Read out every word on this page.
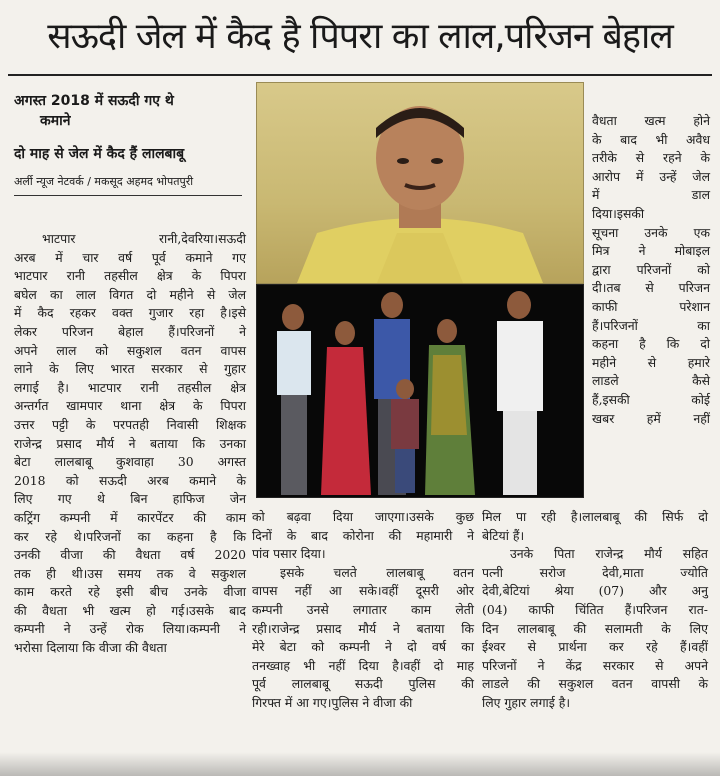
सऊदी जेल में कैद है पिपरा का लाल,परिजन बेहाल
अगस्त 2018 में सऊदी गए थे
कमाने
दो माह से जेल में कैद हैं लालबाबू
अर्ली न्यूज नेटवर्क / मकसूद अहमद भोपतपुरी

भाटपार रानी,देवरिया।सऊदी

अरब में चार वर्ष पूर्व कमाने गए

भाटपार रानी तहसील क्षेत्र के पिपरा

बघेल का लाल विगत दो महीने से जेल

में कैद रहकर वक्त गुजार रहा है।इसे

लेकर परिजन बेहाल हैं।परिजनों ने

अपने लाल को सकुशल वतन वापस

लाने के लिए भारत सरकार से गुहार

लगाई है। भाटपार रानी तहसील क्षेत्र

अन्तर्गत खामपार थाना क्षेत्र के पिपरा

उत्तर पट्टी के परपतही निवासी शिक्षक

राजेन्द्र प्रसाद मौर्य ने बताया कि उनका

बेटा लालबाबू कुशवाहा 30 अगस्त

2018 को सऊदी अरब कमाने के

लिए गए थे बिन हाफिज जेन

कट्रिंग कम्पनी में कारपेंटर की काम

कर रहे थे।परिजनों का कहना है कि

उनकी वीजा की वैधता वर्ष 2020

तक ही थी।उस समय तक वे सकुशल

काम करते रहे इसी बीच उनके वीजा

की वैधता भी खत्म हो गई।उसके बाद

कम्पनी ने उन्हें रोक लिया।कम्पनी ने

भरोसा दिलाया कि वीजा की वैधता

वैधता खत्म होने

के बाद भी अवैध

तरीके से रहने के

आरोप में उन्हें जेल

में डाल

दिया।इसकी

सूचना उनके एक

मित्र ने मोबाइल

द्वारा परिजनों को

दी।तब से परिजन

काफी परेशान

हैं।परिजनों का

कहना है कि दो

महीने से हमारे

लाडले कैसे

हैं,इसकी कोई

खबर हमें नहीं

को बढ़वा दिया जाएगा।उसके कुछ

दिनों के बाद कोरोना की महामारी ने

पांव पसार दिया।

इसके चलते लालबाबू वतन

वापस नहीं आ सके।वहीं दूसरी ओर

कम्पनी उनसे लगातार काम लेती

रही।राजेन्द्र प्रसाद मौर्य ने बताया कि

मेरे बेटा को कम्पनी ने दो वर्ष का

तनख्वाह भी नहीं दिया है।वहीं दो माह

पूर्व लालबाबू सऊदी पुलिस की

गिरफ्त में आ गए।पुलिस ने वीजा की

मिल पा रही है।लालबाबू की सिर्फ दो

बेटियां हैं।

उनके पिता राजेन्द्र मौर्य सहित

पत्नी सरोज देवी,माता ज्योति

देवी,बेटियां श्रेया (07) और अनु

(04) काफी चिंतित हैं।परिजन रात-

दिन लालबाबू की सलामती के लिए

ईश्वर से प्रार्थना कर रहे हैं।वहीं

परिजनों ने केंद्र सरकार से अपने

लाडले की सकुशल वतन वापसी के

लिए गुहार लगाई है।
